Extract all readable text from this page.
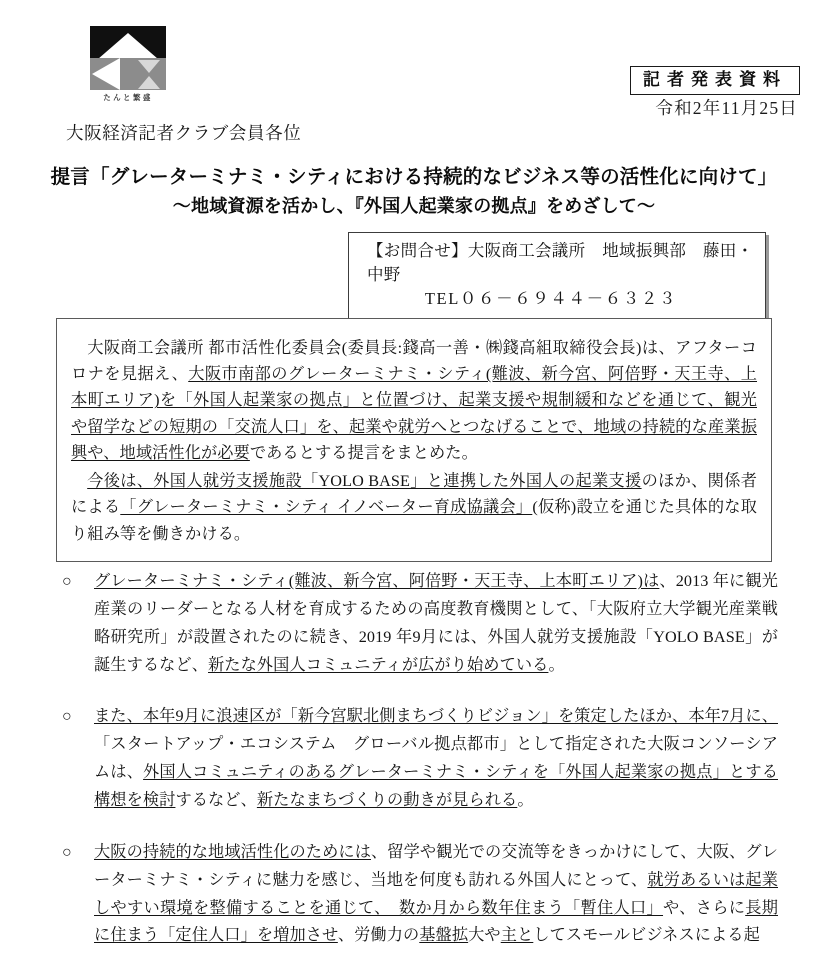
たんと繁盛
記者発表資料
令和2年11月25日
大阪経済記者クラブ会員各位
提言「グレーターミナミ・シティにおける持続的なビジネス等の活性化に向けて」
～地域資源を活かし、『外国人起業家の拠点』をめざして～
【お問合せ】大阪商工会議所　地域振興部　藤田・中野
TEL０６－６９４４－６３２３

大阪商工会議所 都市活性化委員会(委員長:錢高一善・㈱錢高組取締役会長)は、アフターコロナを見据え、大阪市南部のグレーターミナミ・シティ(難波、新今宮、阿倍野・天王寺、上本町エリア)を「外国人起業家の拠点」と位置づけ、起業支援や規制緩和などを通じて、観光や留学などの短期の「交流人口」を、起業や就労へとつなげることで、地域の持続的な産業振興や、地域活性化が必要であるとする提言をまとめた。

今後は、外国人就労支援施設「YOLO BASE」と連携した外国人の起業支援のほか、関係者による「グレーターミナミ・シティ イノベーター育成協議会」(仮称)設立を通じた具体的な取り組み等を働きかける。

○	グレーターミナミ・シティ(難波、新今宮、阿倍野・天王寺、上本町エリア)は、2013 年に観光産業のリーダーとなる人材を育成するための高度教育機関として、「大阪府立大学観光産業戦略研究所」が設置されたのに続き、2019 年9月には、外国人就労支援施設「YOLO BASE」が誕生するなど、新たな外国人コミュニティが広がり始めている。
○	また、本年9月に浪速区が「新今宮駅北側まちづくりビジョン」を策定したほか、本年7月に、「スタートアップ・エコシステム　グローバル拠点都市」として指定された大阪コンソーシアムは、外国人コミュニティのあるグレーターミナミ・シティを「外国人起業家の拠点」とする構想を検討するなど、新たなまちづくりの動きが見られる。
○	大阪の持続的な地域活性化のためには、留学や観光での交流等をきっかけにして、大阪、グレーターミナミ・シティに魅力を感じ、当地を何度も訪れる外国人にとって、就労あるいは起業しやすい環境を整備することを通じて、　数か月から数年住まう「暫住人口」や、さらに長期に住まう「定住人口」を増加させ、労働力の基盤拡大や主としてスモールビジネスによる起
